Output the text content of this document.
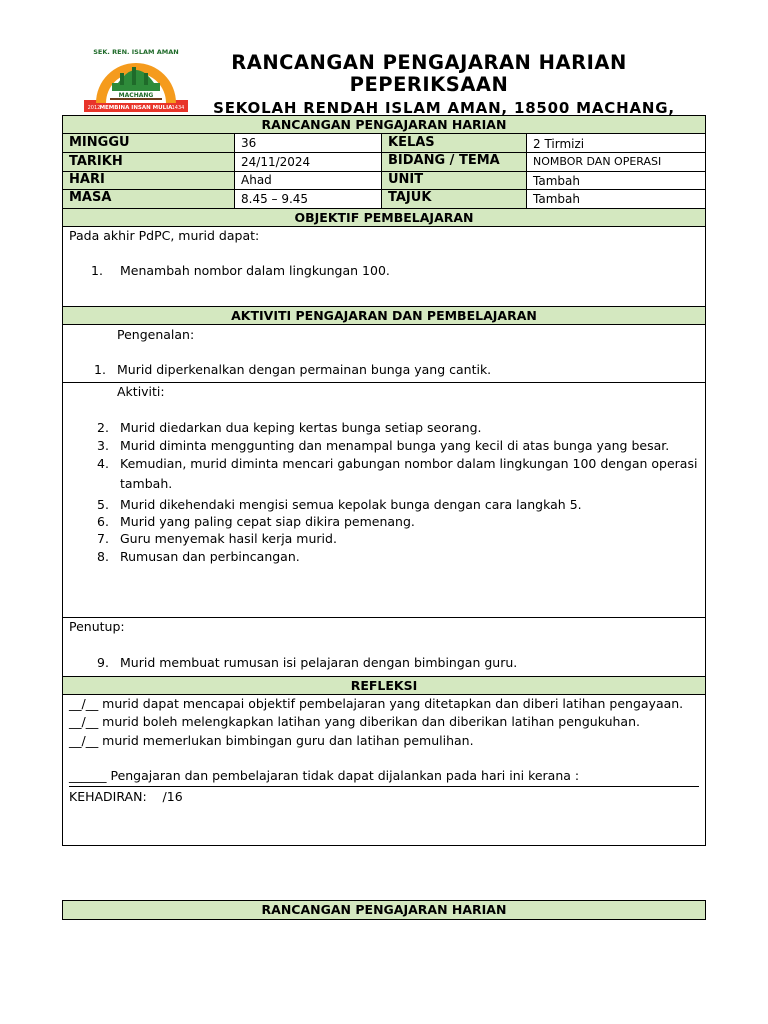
SEK. REN. ISLAM AMAN
MACHANG
MEMBINA INSAN MULIA
2012	1434
RANCANGAN PENGAJARAN HARIAN
PEPERIKSAAN
SEKOLAH RENDAH ISLAM AMAN, 18500 MACHANG,
RANCANGAN PENGAJARAN HARIAN
MINGGU	36	KELAS	2 Tirmizi
TARIKH	24/11/2024	BIDANG / TEMA	NOMBOR DAN OPERASI
HARI	Ahad	UNIT	Tambah
MASA	8.45 – 9.45	TAJUK	Tambah
OBJEKTIF PEMBELAJARAN
Pada akhir PdPC, murid dapat:
1. Menambah nombor dalam lingkungan 100.
AKTIVITI PENGAJARAN DAN PEMBELAJARAN
Pengenalan:
1. Murid diperkenalkan dengan permainan bunga yang cantik.
Aktiviti:
2. Murid diedarkan dua keping kertas bunga setiap seorang.
3. Murid diminta menggunting dan menampal bunga yang kecil di atas bunga yang besar.
4. Kemudian, murid diminta mencari gabungan nombor dalam lingkungan 100 dengan operasi
tambah.
5. Murid dikehendaki mengisi semua kepolak bunga dengan cara langkah 5.
6. Murid yang paling cepat siap dikira pemenang.
7. Guru menyemak hasil kerja murid.
8. Rumusan dan perbincangan.
Penutup:
9. Murid membuat rumusan isi pelajaran dengan bimbingan guru.
REFLEKSI
__/__ murid dapat mencapai objektif pembelajaran yang ditetapkan dan diberi latihan pengayaan.
__/__ murid boleh melengkapkan latihan yang diberikan dan diberikan latihan pengukuhan.
__/__ murid memerlukan bimbingan guru dan latihan pemulihan.
______ Pengajaran dan pembelajaran tidak dapat dijalankan pada hari ini kerana :
KEHADIRAN:    /16
RANCANGAN PENGAJARAN HARIAN
